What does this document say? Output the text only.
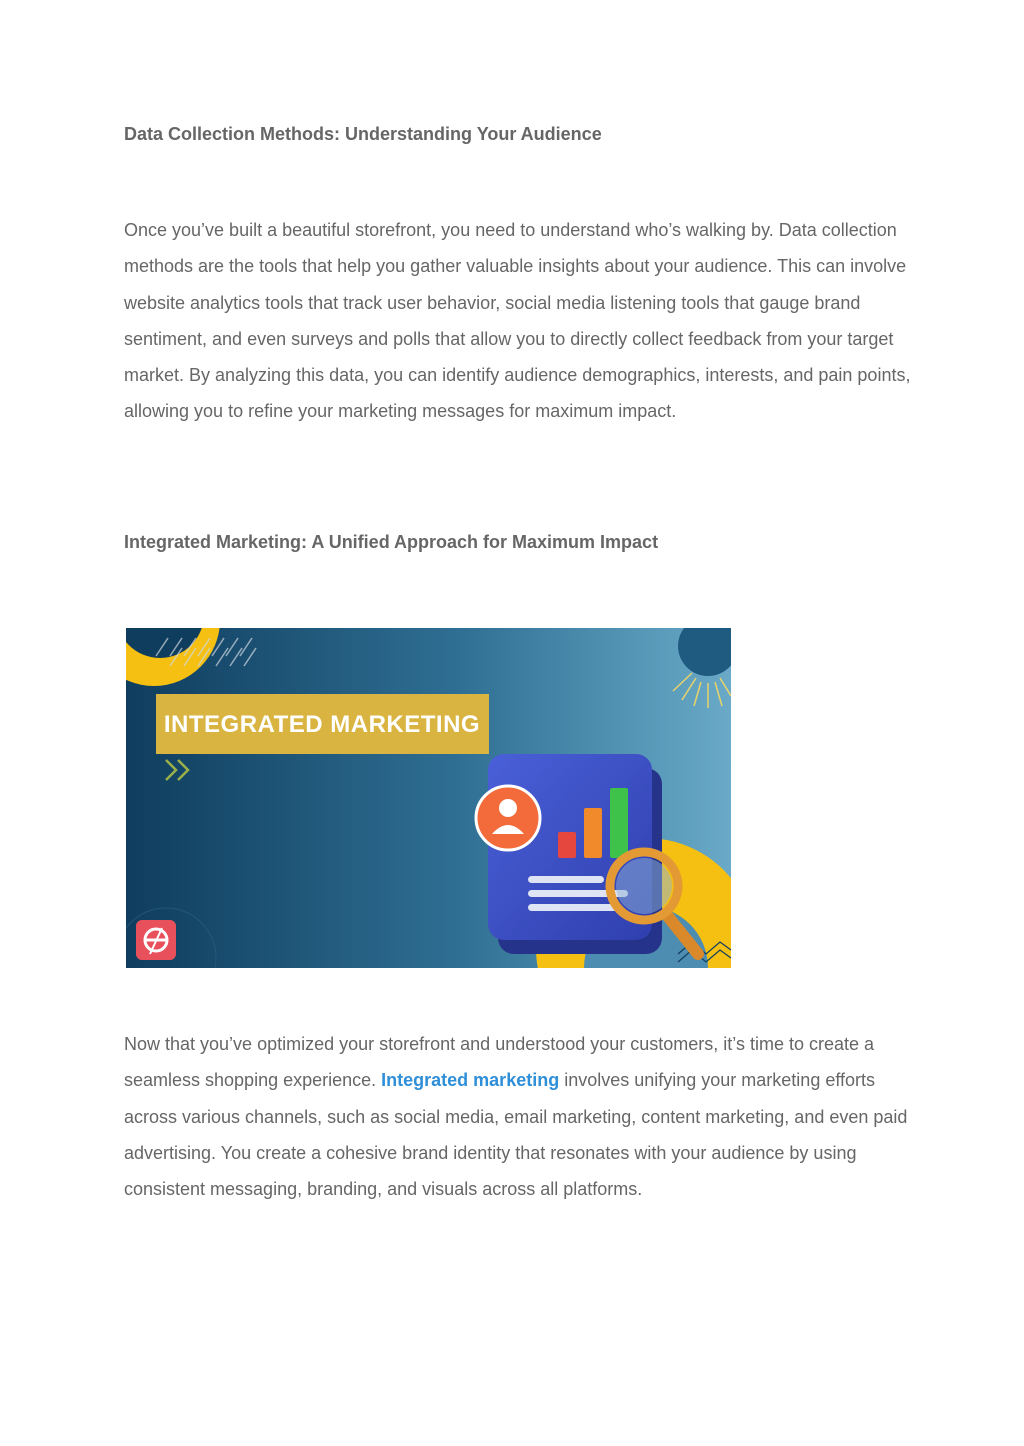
Data Collection Methods: Understanding Your Audience

Once you’ve built a beautiful storefront, you need to understand who’s walking by. Data collection methods are the tools that help you gather valuable insights about your audience. This can involve website analytics tools that track user behavior, social media listening tools that gauge brand sentiment, and even surveys and polls that allow you to directly collect feedback from your target market. By analyzing this data, you can identify audience demographics, interests, and pain points, allowing you to refine your marketing messages for maximum impact.

Integrated Marketing: A Unified Approach for Maximum Impact

Now that you’ve optimized your storefront and understood your customers, it’s time to create a seamless shopping experience. Integrated marketing involves unifying your marketing efforts across various channels, such as social media, email marketing, content marketing, and even paid advertising. You create a cohesive brand identity that resonates with your audience by using consistent messaging, branding, and visuals across all platforms.

INTEGRATED MARKETING
